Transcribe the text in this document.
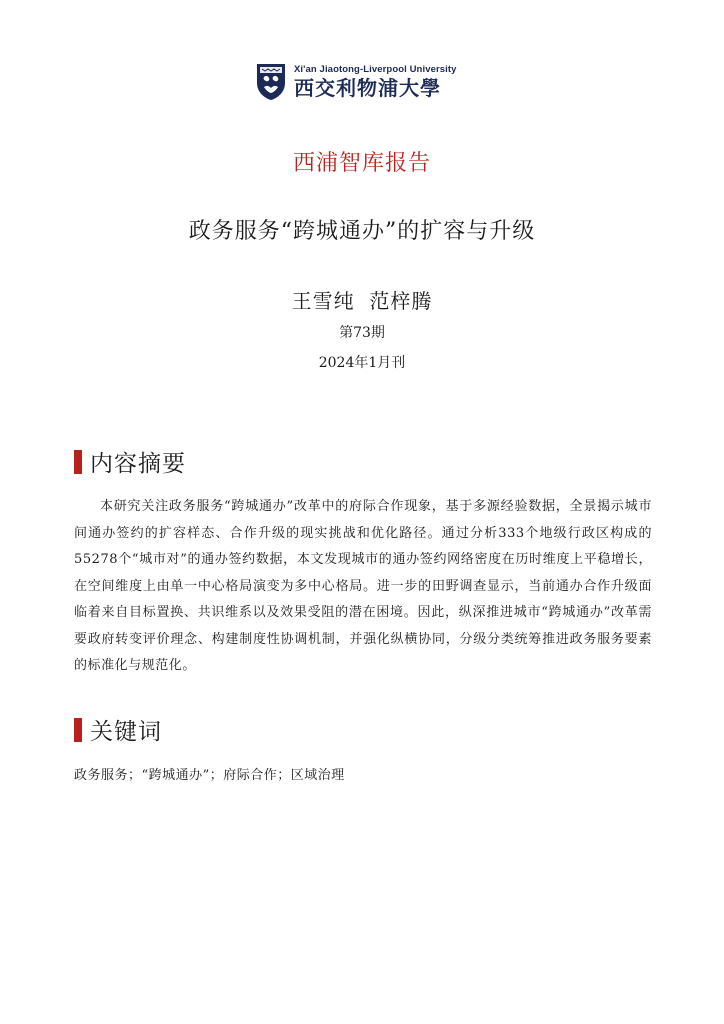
Xi'an Jiaotong-Liverpool University
西交利物浦大學
西浦智库报告
政务服务“跨城通办”的扩容与升级
王雪纯  范梓腾
第73期
2024年1月刊
内容摘要

本研究关注政务服务“跨城通办”改革中的府际合作现象，基于多源经验数据，全景揭示城市间通办签约的扩容样态、合作升级的现实挑战和优化路径。通过分析333个地级行政区构成的55278个“城市对”的通办签约数据，本文发现城市的通办签约网络密度在历时维度上平稳增长，在空间维度上由单一中心格局演变为多中心格局。进一步的田野调查显示，当前通办合作升级面临着来自目标置换、共识维系以及效果受阻的潜在困境。因此，纵深推进城市“跨城通办”改革需要政府转变评价理念、构建制度性协调机制，并强化纵横协同，分级分类统筹推进政务服务要素的标准化与规范化。

关键词
政务服务；“跨城通办”；府际合作；区域治理
